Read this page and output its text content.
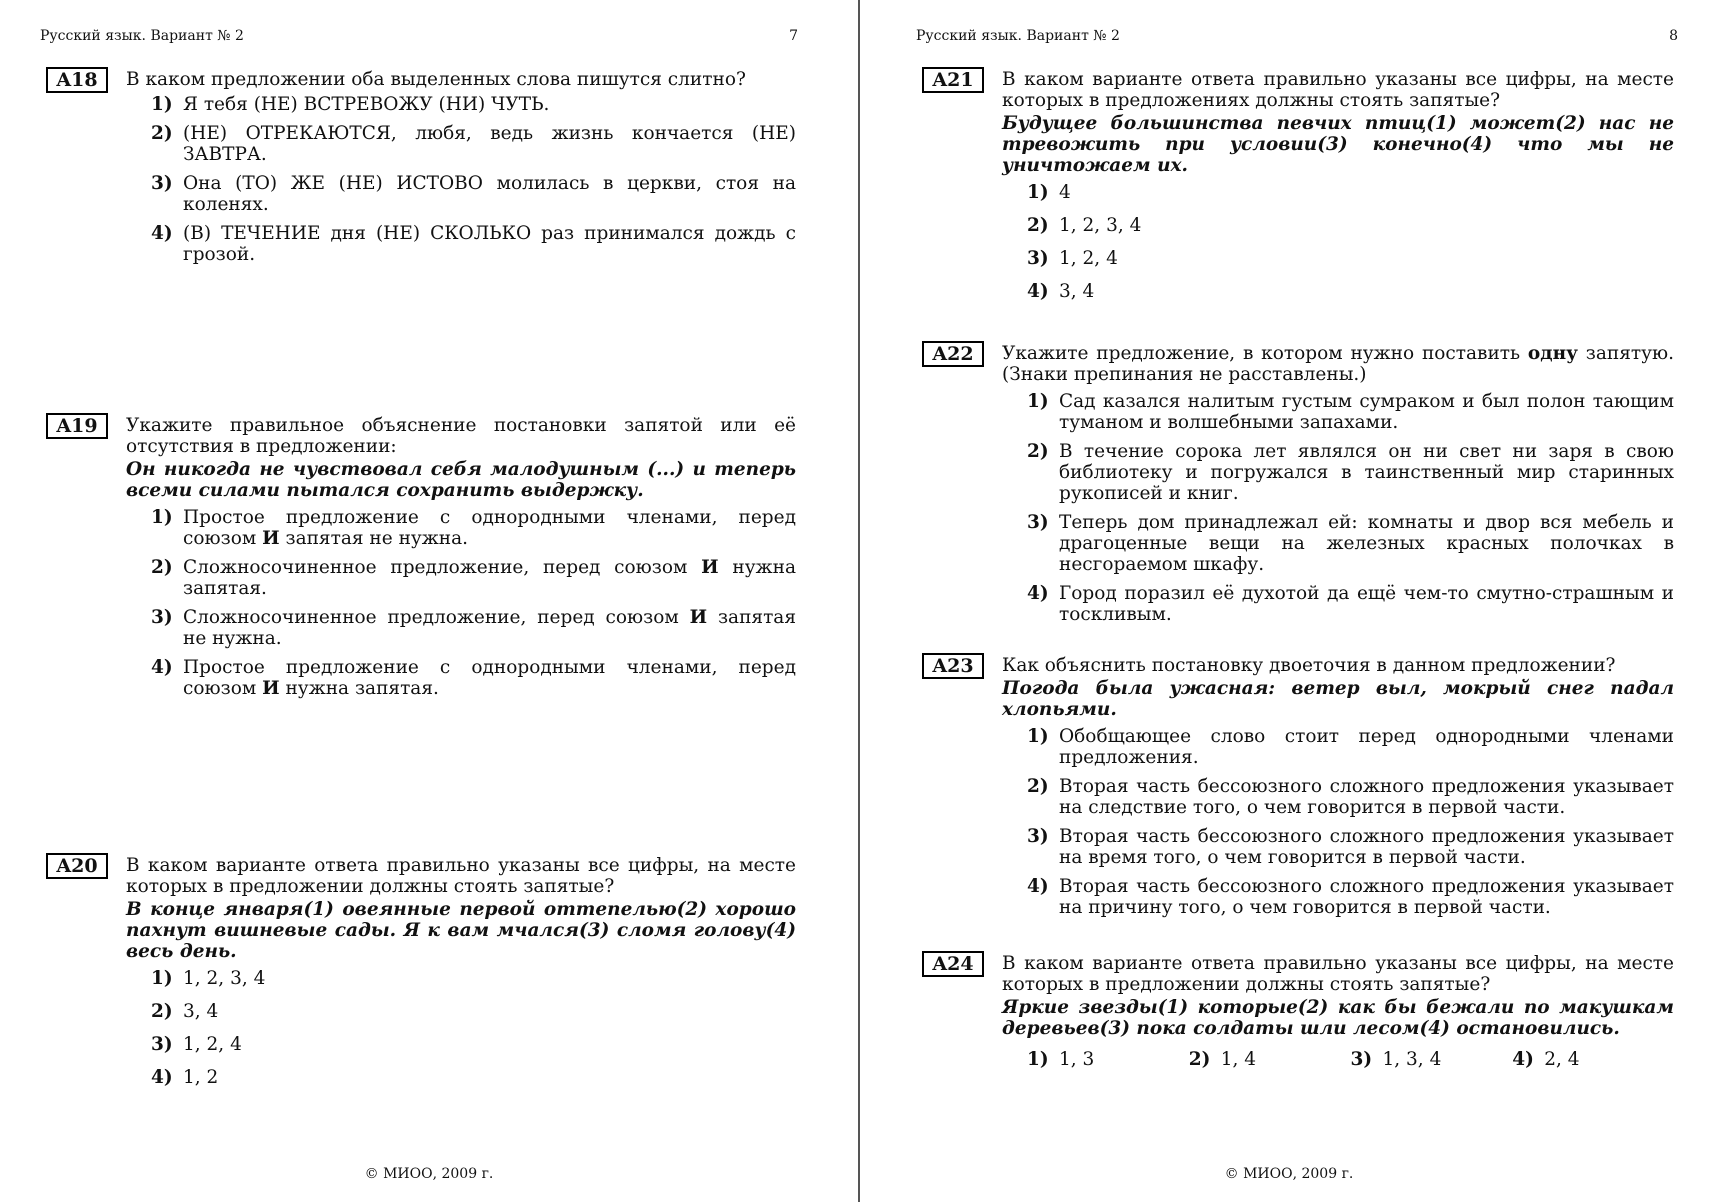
Русский язык. Вариант № 2	7
A18	В каком предложении оба выделенных слова пишутся слитно?
1) Я тебя (НЕ) ВСТРЕВОЖУ (НИ) ЧУТЬ.
2) (НЕ) ОТРЕКАЮТСЯ, любя, ведь жизнь кончается (НЕ) ЗАВТРА.
3) Она (ТО) ЖЕ (НЕ) ИСТОВО молилась в церкви, стоя на коленях.
4) (В) ТЕЧЕНИЕ дня (НЕ) СКОЛЬКО раз принимался дождь с грозой.
A19	Укажите правильное объяснение постановки запятой или её отсутствия в предложении:
Он никогда не чувствовал себя малодушным (...) и теперь всеми силами пытался сохранить выдержку.
1) Простое предложение с однородными членами, перед союзом И запятая не нужна.
2) Сложносочиненное предложение, перед союзом И нужна запятая.
3) Сложносочиненное предложение, перед союзом И запятая не нужна.
4) Простое предложение с однородными членами, перед союзом И нужна запятая.
A20	В каком варианте ответа правильно указаны все цифры, на месте которых в предложении должны стоять запятые?
В конце января(1) овеянные первой оттепелью(2) хорошо пахнут вишневые сады. Я к вам мчался(3) сломя голову(4) весь день.
1) 1, 2, 3, 4
2) 3, 4
3) 1, 2, 4
4) 1, 2
© МИОО, 2009 г.
Русский язык. Вариант № 2	8
A21	В каком варианте ответа правильно указаны все цифры, на месте которых в предложениях должны стоять запятые?
Будущее большинства певчих птиц(1) может(2) нас не тревожить при условии(3) конечно(4) что мы не уничтожаем их.
1) 4
2) 1, 2, 3, 4
3) 1, 2, 4
4) 3, 4
A22	Укажите предложение, в котором нужно поставить одну запятую. (Знаки препинания не расставлены.)
1) Сад казался налитым густым сумраком и был полон тающим туманом и волшебными запахами.
2) В течение сорока лет являлся он ни свет ни заря в свою библиотеку и погружался в таинственный мир старинных рукописей и книг.
3) Теперь дом принадлежал ей: комнаты и двор вся мебель и драгоценные вещи на железных красных полочках в несгораемом шкафу.
4) Город поразил её духотой да ещё чем-то смутно-страшным и тоскливым.
A23	Как объяснить постановку двоеточия в данном предложении?
Погода была ужасная: ветер выл, мокрый снег падал хлопьями.
1) Обобщающее слово стоит перед однородными членами предложения.
2) Вторая часть бессоюзного сложного предложения указывает на следствие того, о чем говорится в первой части.
3) Вторая часть бессоюзного сложного предложения указывает на время того, о чем говорится в первой части.
4) Вторая часть бессоюзного сложного предложения указывает на причину того, о чем говорится в первой части.
A24	В каком варианте ответа правильно указаны все цифры, на месте которых в предложении должны стоять запятые?
Яркие звезды(1) которые(2) как бы бежали по макушкам деревьев(3) пока солдаты шли лесом(4) остановились.
1) 1, 3	2) 1, 4	3) 1, 3, 4	4) 2, 4
© МИОО, 2009 г.
